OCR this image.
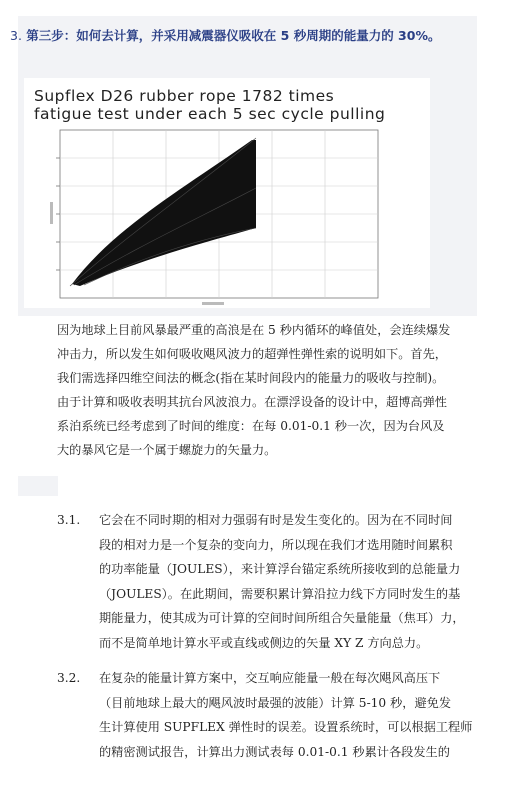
3. 第三步：如何去计算，并采用减震器仪吸收在 5 秒周期的能量力的 30%。
Supflex D26 rubber rope 1782 times
fatigue test under each 5 sec cycle pulling
因为地球上目前风暴最严重的高浪是在 5 秒内循环的峰值处，会连续爆发
冲击力，所以发生如何吸收飓风波力的超弹性弹性索的说明如下。首先，
我们需选择四维空间法的概念(指在某时间段内的能量力的吸收与控制)。
由于计算和吸收表明其抗台风波浪力。在漂浮设备的设计中，超博高弹性
系泊系统已经考虑到了时间的维度：在每 0.01-0.1 秒一次，因为台风及
大的暴风它是一个属于螺旋力的矢量力。
3.1.	它会在不同时期的相对力强弱有时是发生变化的。因为在不同时间
段的相对力是一个复杂的变向力，所以现在我们才选用随时间累积
的功率能量（JOULES），来计算浮台锚定系统所接收到的总能量力
（JOULES）。在此期间，需要积累计算沿拉力线下方同时发生的基
期能量力，使其成为可计算的空间时间所组合矢量能量（焦耳）力，
而不是简单地计算水平或直线或侧边的矢量 XY Z 方向总力。
3.2.	在复杂的能量计算方案中，交互响应能量一般在每次飓风高压下
（目前地球上最大的飓风波时最强的波能）计算 5-10 秒，避免发
生计算使用 SUPFLEX 弹性时的误差。设置系统时，可以根据工程师
的精密测试报告，计算出力测试表每 0.01-0.1 秒累计各段发生的
